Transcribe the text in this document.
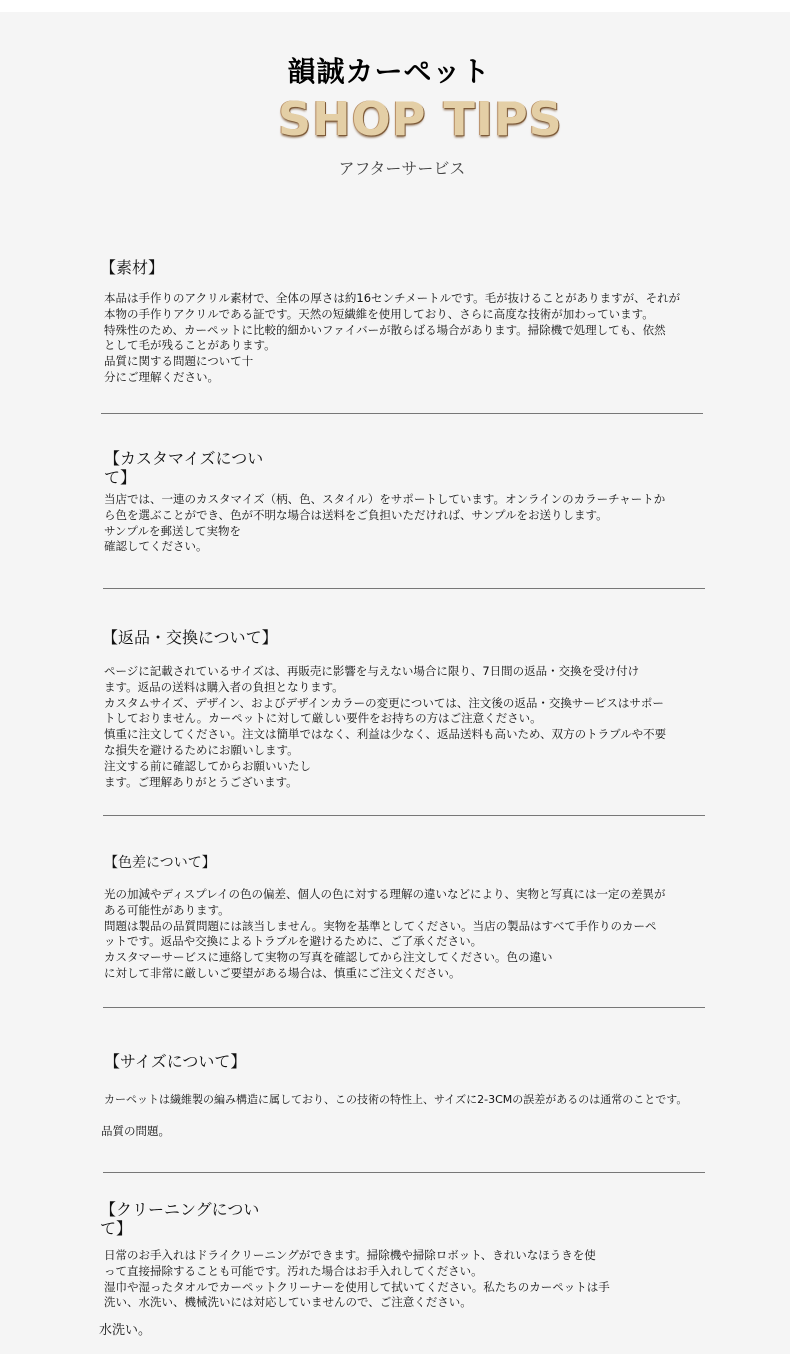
韻誠カーペット
SHOP TIPS
アフターサービス
【素材】

本品は手作りのアクリル素材で、全体の厚さは約16センチメートルです。毛が抜けることがありますが、それが

本物の手作りアクリルである証です。天然の短繊維を使用しており、さらに高度な技術が加わっています。

特殊性のため、カーペットに比較的細かいファイバーが散らばる場合があります。掃除機で処理しても、依然

として毛が残ることがあります。

品質に関する問題について十

分にご理解ください。

【カスタマイズについて】

当店では、一連のカスタマイズ（柄、色、スタイル）をサポートしています。オンラインのカラーチャートか

ら色を選ぶことができ、色が不明な場合は送料をご負担いただければ、サンプルをお送りします。

サンプルを郵送して実物を

確認してください。

【返品・交換について】

ページに記載されているサイズは、再販売に影響を与えない場合に限り、7日間の返品・交換を受け付け

ます。返品の送料は購入者の負担となります。

カスタムサイズ、デザイン、およびデザインカラーの変更については、注文後の返品・交換サービスはサポー

トしておりません。カーペットに対して厳しい要件をお持ちの方はご注意ください。

慎重に注文してください。注文は簡単ではなく、利益は少なく、返品送料も高いため、双方のトラブルや不要

な損失を避けるためにお願いします。

注文する前に確認してからお願いいたし

ます。ご理解ありがとうございます。

【色差について】

光の加減やディスプレイの色の偏差、個人の色に対する理解の違いなどにより、実物と写真には一定の差異が

ある可能性があります。

問題は製品の品質問題には該当しません。実物を基準としてください。当店の製品はすべて手作りのカーペ

ットです。返品や交換によるトラブルを避けるために、ご了承ください。

カスタマーサービスに連絡して実物の写真を確認してから注文してください。色の違い

に対して非常に厳しいご要望がある場合は、慎重にご注文ください。

【サイズについて】

カーペットは繊維製の編み構造に属しており、この技術の特性上、サイズに2-3CMの誤差があるのは通常のことです。

品質の問題。

【クリーニングについて】

日常のお手入れはドライクリーニングができます。掃除機や掃除ロボット、きれいなほうきを使

って直接掃除することも可能です。汚れた場合はお手入れしてください。

湿巾や湿ったタオルでカーペットクリーナーを使用して拭いてください。私たちのカーペットは手

洗い、水洗い、機械洗いには対応していませんので、ご注意ください。

水洗い。
